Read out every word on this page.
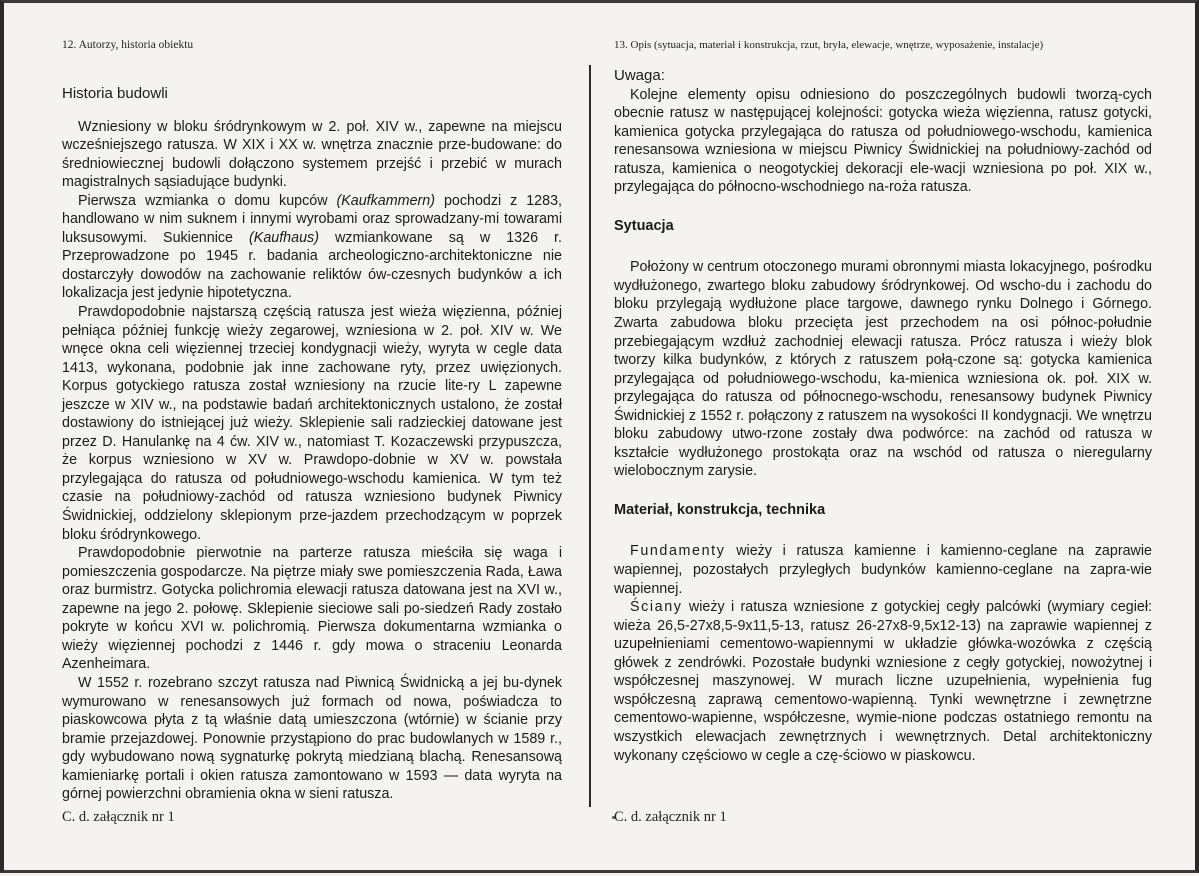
12. Autorzy, historia obiektu
Historia budowli

Wzniesiony w bloku śródrynkowym w 2. poł. XIV w., zapewne na miejscu wcześniejszego ratusza. W XIX i XX w. wnętrza znacznie prze-budowane: do średniowiecznej budowli dołączono systemem przejść i przebić w murach magistralnych sąsiadujące budynki.

Pierwsza wzmianka o domu kupców (Kaufkammern) pochodzi z 1283, handlowano w nim suknem i innymi wyrobami oraz sprowadzany-mi towarami luksusowymi. Sukiennice (Kaufhaus) wzmiankowane są w 1326 r. Przeprowadzone po 1945 r. badania archeologiczno-architektoniczne nie dostarczyły dowodów na zachowanie reliktów ów-czesnych budynków a ich lokalizacja jest jedynie hipotetyczna.

Prawdopodobnie najstarszą częścią ratusza jest wieża więzienna, później pełniąca później funkcję wieży zegarowej, wzniesiona w 2. poł. XIV w. We wnęce okna celi więziennej trzeciej kondygnacji wieży, wyryta w cegle data 1413, wykonana, podobnie jak inne zachowane ryty, przez uwięzionych. Korpus gotyckiego ratusza został wzniesiony na rzucie lite-ry L zapewne jeszcze w XIV w., na podstawie badań architektonicznych ustalono, że został dostawiony do istniejącej już wieży. Sklepienie sali radzieckiej datowane jest przez D. Hanulankę na 4 ćw. XIV w., natomiast T. Kozaczewski przypuszcza, że korpus wzniesiono w XV w. Prawdopo-dobnie w XV w. powstała przylegająca do ratusza od południowego-wschodu kamienica. W tym też czasie na południowy-zachód od ratusza wzniesiono budynek Piwnicy Świdnickiej, oddzielony sklepionym prze-jazdem przechodzącym w poprzek bloku śródrynkowego.

Prawdopodobnie pierwotnie na parterze ratusza mieściła się waga i pomieszczenia gospodarcze. Na piętrze miały swe pomieszczenia Rada, Ława oraz burmistrz. Gotycka polichromia elewacji ratusza datowana jest na XVI w., zapewne na jego 2. połowę. Sklepienie sieciowe sali po-siedzeń Rady zostało pokryte w końcu XVI w. polichromią. Pierwsza dokumentarna wzmianka o wieży więziennej pochodzi z 1446 r. gdy mowa o straceniu Leonarda Azenheimara.

W 1552 r. rozebrano szczyt ratusza nad Piwnicą Świdnicką a jej bu-dynek wymurowano w renesansowych już formach od nowa, poświadcza to piaskowcowa płyta z tą właśnie datą umieszczona (wtórnie) w ścianie przy bramie przejazdowej. Ponownie przystąpiono do prac budowlanych w 1589 r., gdy wybudowano nową sygnaturkę pokrytą miedzianą blachą. Renesansową kamieniarkę portali i okien ratusza zamontowano w 1593 — data wyryta na górnej powierzchni obramienia okna w sieni ratusza.

C. d. załącznik nr 1
13. Opis (sytuacja, materiał i konstrukcja, rzut, bryła, elewacje, wnętrze, wyposażenie, instalacje)

Uwaga:

Kolejne elementy opisu odniesiono do poszczególnych budowli tworzą-cych obecnie ratusz w następującej kolejności: gotycka wieża więzienna, ratusz gotycki, kamienica gotycka przylegająca do ratusza od południowego-wschodu, kamienica renesansowa wzniesiona w miejscu Piwnicy Świdnickiej na południowy-zachód od ratusza, kamienica o neogotyckiej dekoracji ele-wacji wzniesiona po poł. XIX w., przylegająca do północno-wschodniego na-roża ratusza.

Sytuacja

Położony w centrum otoczonego murami obronnymi miasta lokacyjnego, pośrodku wydłużonego, zwartego bloku zabudowy śródrynkowej. Od wscho-du i zachodu do bloku przylegają wydłużone place targowe, dawnego rynku Dolnego i Górnego. Zwarta zabudowa bloku przecięta jest przechodem na osi północ-południe przebiegającym wzdłuż zachodniej elewacji ratusza. Prócz ratusza i wieży blok tworzy kilka budynków, z których z ratuszem połą-czone są: gotycka kamienica przylegająca od południowego-wschodu, ka-mienica wzniesiona ok. poł. XIX w. przylegająca do ratusza od północnego-wschodu, renesansowy budynek Piwnicy Świdnickiej z 1552 r. połączony z ratuszem na wysokości II kondygnacji. We wnętrzu bloku zabudowy utwo-rzone zostały dwa podwórce: na zachód od ratusza w kształcie wydłużonego prostokąta oraz na wschód od ratusza o nieregularny wielobocznym zarysie.

Materiał, konstrukcja, technika

Fundamenty wieży i ratusza kamienne i kamienno-ceglane na zaprawie wapiennej, pozostałych przyległych budynków kamienno-ceglane na zapra-wie wapiennej.

Ściany wieży i ratusza wzniesione z gotyckiej cegły palcówki (wymiary cegieł: wieża 26,5-27x8,5-9x11,5-13, ratusz 26-27x8-9,5x12-13) na zaprawie wapiennej z uzupełnieniami cementowo-wapiennymi w układzie główka-wozówka z częścią główek z zendrówki. Pozostałe budynki wzniesione z cegły gotyckiej, nowożytnej i współczesnej maszynowej. W murach liczne uzupełnienia, wypełnienia fug współczesną zaprawą cementowo-wapienną. Tynki wewnętrzne i zewnętrzne cementowo-wapienne, współczesne, wymie-nione podczas ostatniego remontu na wszystkich elewacjach zewnętrznych i wewnętrznych. Detal architektoniczny wykonany częściowo w cegle a czę-ściowo w piaskowcu.

C. d. załącznik nr 1
